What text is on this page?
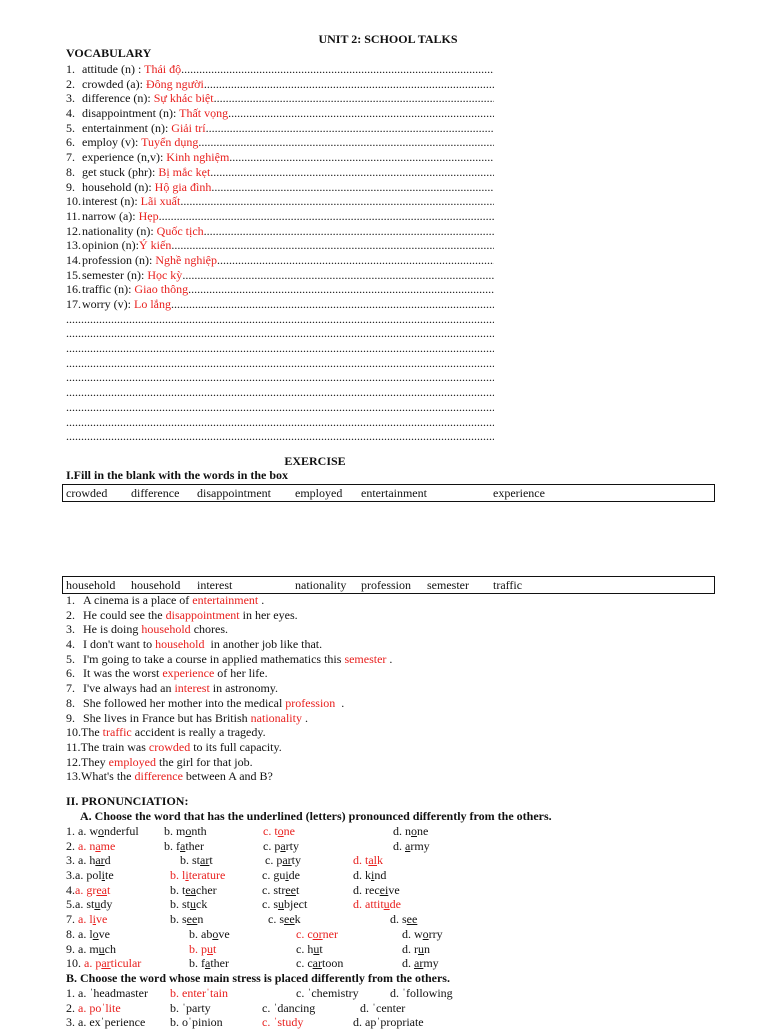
UNIT 2: SCHOOL TALKS
VOCABULARY
1. attitude (n) : Thái độ
.....
2. crowded (a): Đông người
.....
3. difference (n): Sự khác biệt
.....
4. disappointment (n): Thất vọng
.....
5. entertainment (n): Giải trí
.....
6. employ (v): Tuyển dụng
.....
7. experience (n,v): Kinh nghiệm
.....
8. get stuck (phr): Bị mắc kẹt
.....
9. household (n): Hộ gia đình
.....
10. interest (n): Lãi xuất
.....
11. narrow (a): Hẹp
.....
12. nationality (n): Quốc tịch
.....
13. opinion (n):Ý kiến
.....
14. profession (n): Nghề nghiệp
.....
15. semester (n): Học kỳ
.....
16. traffic (n): Giao thông
.....
17. worry (v): Lo lắng
.....
.....
.....
.....
.....
.....
.....
.....
.....
.....
EXERCISE
I.Fill in the blank with the words in the box
crowded difference disappointment employed entertainment	experience
household household interest	nationality profession semester traffic
1. A cinema is a place of entertainment .
2. He could see the disappointment in her eyes.
3. He is doing household chores.
4. I don't want to household  in another job like that.
5. I'm going to take a course in applied mathematics this semester .
6. It was the worst experience of her life.
7. I've always had an interest in astronomy.
8. She followed her mother into the medical profession  .
9. She lives in France but has British nationality .
10.The traffic accident is really a tragedy.
11.The train was crowded to its full capacity.
12.They employed the girl for that job.
13.What's the difference between A and B?
II. PRONUNCIATION:
A. Choose the word that has the underlined (letters) pronounced differently from the others.
1. a. wonderful b. month	c. tone	d. none
2. a. name	b. father	c. party	d. army
3. a. hard	b. start	c. party	d. talk
3.a. polite	b. literature	c. guide	d. kind
4.a. great	b. teacher	c. street	d. receive
5.a. study	b. stuck	c. subject	d. attitude
7. a. live	b. seen	c. seek	d. see
8. a. love	b. above	c. corner	d. worry
9. a. much	b. put	c. hut	d. run
10. a. particular	b. father	c. cartoon	d. army
B. Choose the word whose main stress is placed differently from the others.
1. a. ˈheadmaster b. enterˈtain	c. ˈchemistry	d. ˈfollowing
2. a. poˈlite	b. ˈparty	c. ˈdancing	d. ˈcenter
3. a. exˈperience b. oˈpinion	c. ˈstudy	d. apˈpropriate
